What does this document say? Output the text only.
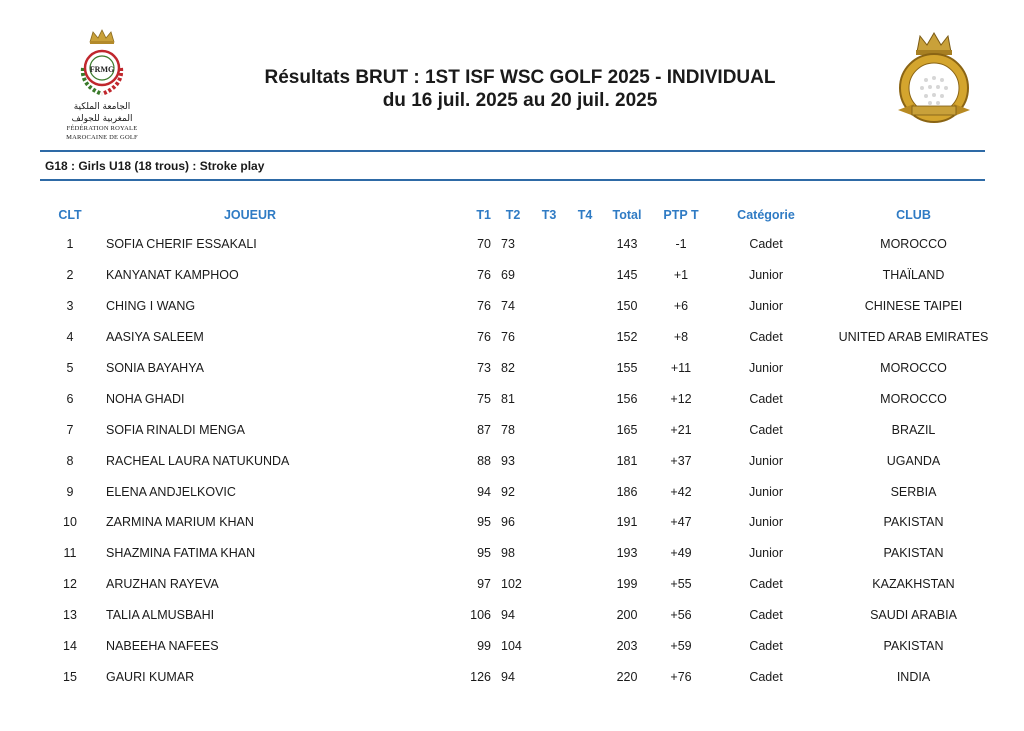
FRMG
الجامعة الملكية
المغربية للجولف
FÉDÉRATION ROYALE
MAROCAINE DE GOLF
Résultats BRUT : 1ST ISF WSC GOLF 2025 - INDIVIDUAL
du 16 juil. 2025 au 20 juil. 2025
G18 : Girls U18 (18 trous) : Stroke play
CLT	JOUEUR	T1	T2	T3	T4	Total	PTP T	Catégorie	CLUB
1	SOFIA CHERIF ESSAKALI	70	73			143	-1	Cadet	MOROCCO
2	KANYANAT KAMPHOO	76	69			145	+1	Junior	THAÏLAND
3	CHING I WANG	76	74			150	+6	Junior	CHINESE TAIPEI
4	AASIYA SALEEM	76	76			152	+8	Cadet	UNITED ARAB EMIRATES
5	SONIA BAYAHYA	73	82			155	+11	Junior	MOROCCO
6	NOHA GHADI	75	81			156	+12	Cadet	MOROCCO
7	SOFIA RINALDI MENGA	87	78			165	+21	Cadet	BRAZIL
8	RACHEAL LAURA NATUKUNDA	88	93			181	+37	Junior	UGANDA
9	ELENA ANDJELKOVIC	94	92			186	+42	Junior	SERBIA
10	ZARMINA MARIUM KHAN	95	96			191	+47	Junior	PAKISTAN
11	SHAZMINA FATIMA KHAN	95	98			193	+49	Junior	PAKISTAN
12	ARUZHAN RAYEVA	97	102			199	+55	Cadet	KAZAKHSTAN
13	TALIA ALMUSBAHI	106	94			200	+56	Cadet	SAUDI ARABIA
14	NABEEHA NAFEES	99	104			203	+59	Cadet	PAKISTAN
15	GAURI KUMAR	126	94			220	+76	Cadet	INDIA
